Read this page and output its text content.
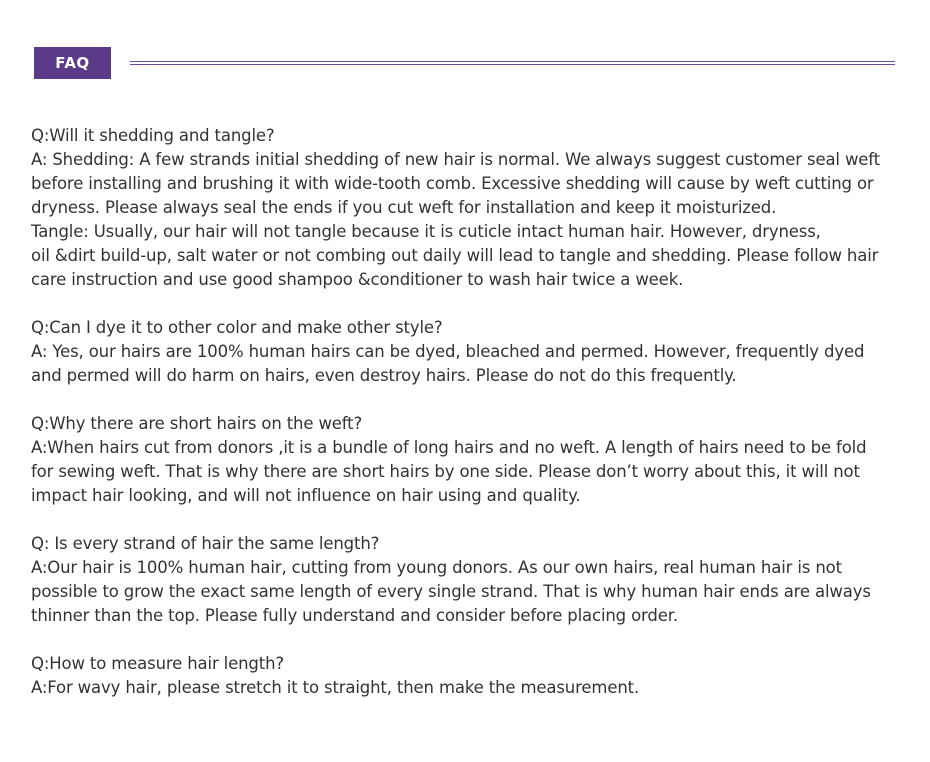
FAQ

Q:Will it shedding and tangle?

A: Shedding: A few strands initial shedding of new hair is normal. We always suggest customer seal weft
before installing and brushing it with wide-tooth comb. Excessive shedding will cause by weft cutting or
dryness. Please always seal the ends if you cut weft for installation and keep it moisturized.
Tangle: Usually, our hair will not tangle because it is cuticle intact human hair. However, dryness,
oil &dirt build-up, salt water or not combing out daily will lead to tangle and shedding. Please follow hair
care instruction and use good shampoo &conditioner to wash hair twice a week.

Q:Can I dye it to other color and make other style?

A: Yes, our hairs are 100% human hairs can be dyed, bleached and permed. However, frequently dyed
and permed will do harm on hairs, even destroy hairs. Please do not do this frequently.

Q:Why there are short hairs on the weft?

A:When hairs cut from donors ,it is a bundle of long hairs and no weft. A length of hairs need to be fold
for sewing weft. That is why there are short hairs by one side. Please don’t worry about this, it will not
impact hair looking, and will not influence on hair using and quality.

Q: Is every strand of hair the same length?

A:Our hair is 100% human hair, cutting from young donors. As our own hairs, real human hair is not
possible to grow the exact same length of every single strand. That is why human hair ends are always
thinner than the top. Please fully understand and consider before placing order.

Q:How to measure hair length?

A:For wavy hair, please stretch it to straight, then make the measurement.
